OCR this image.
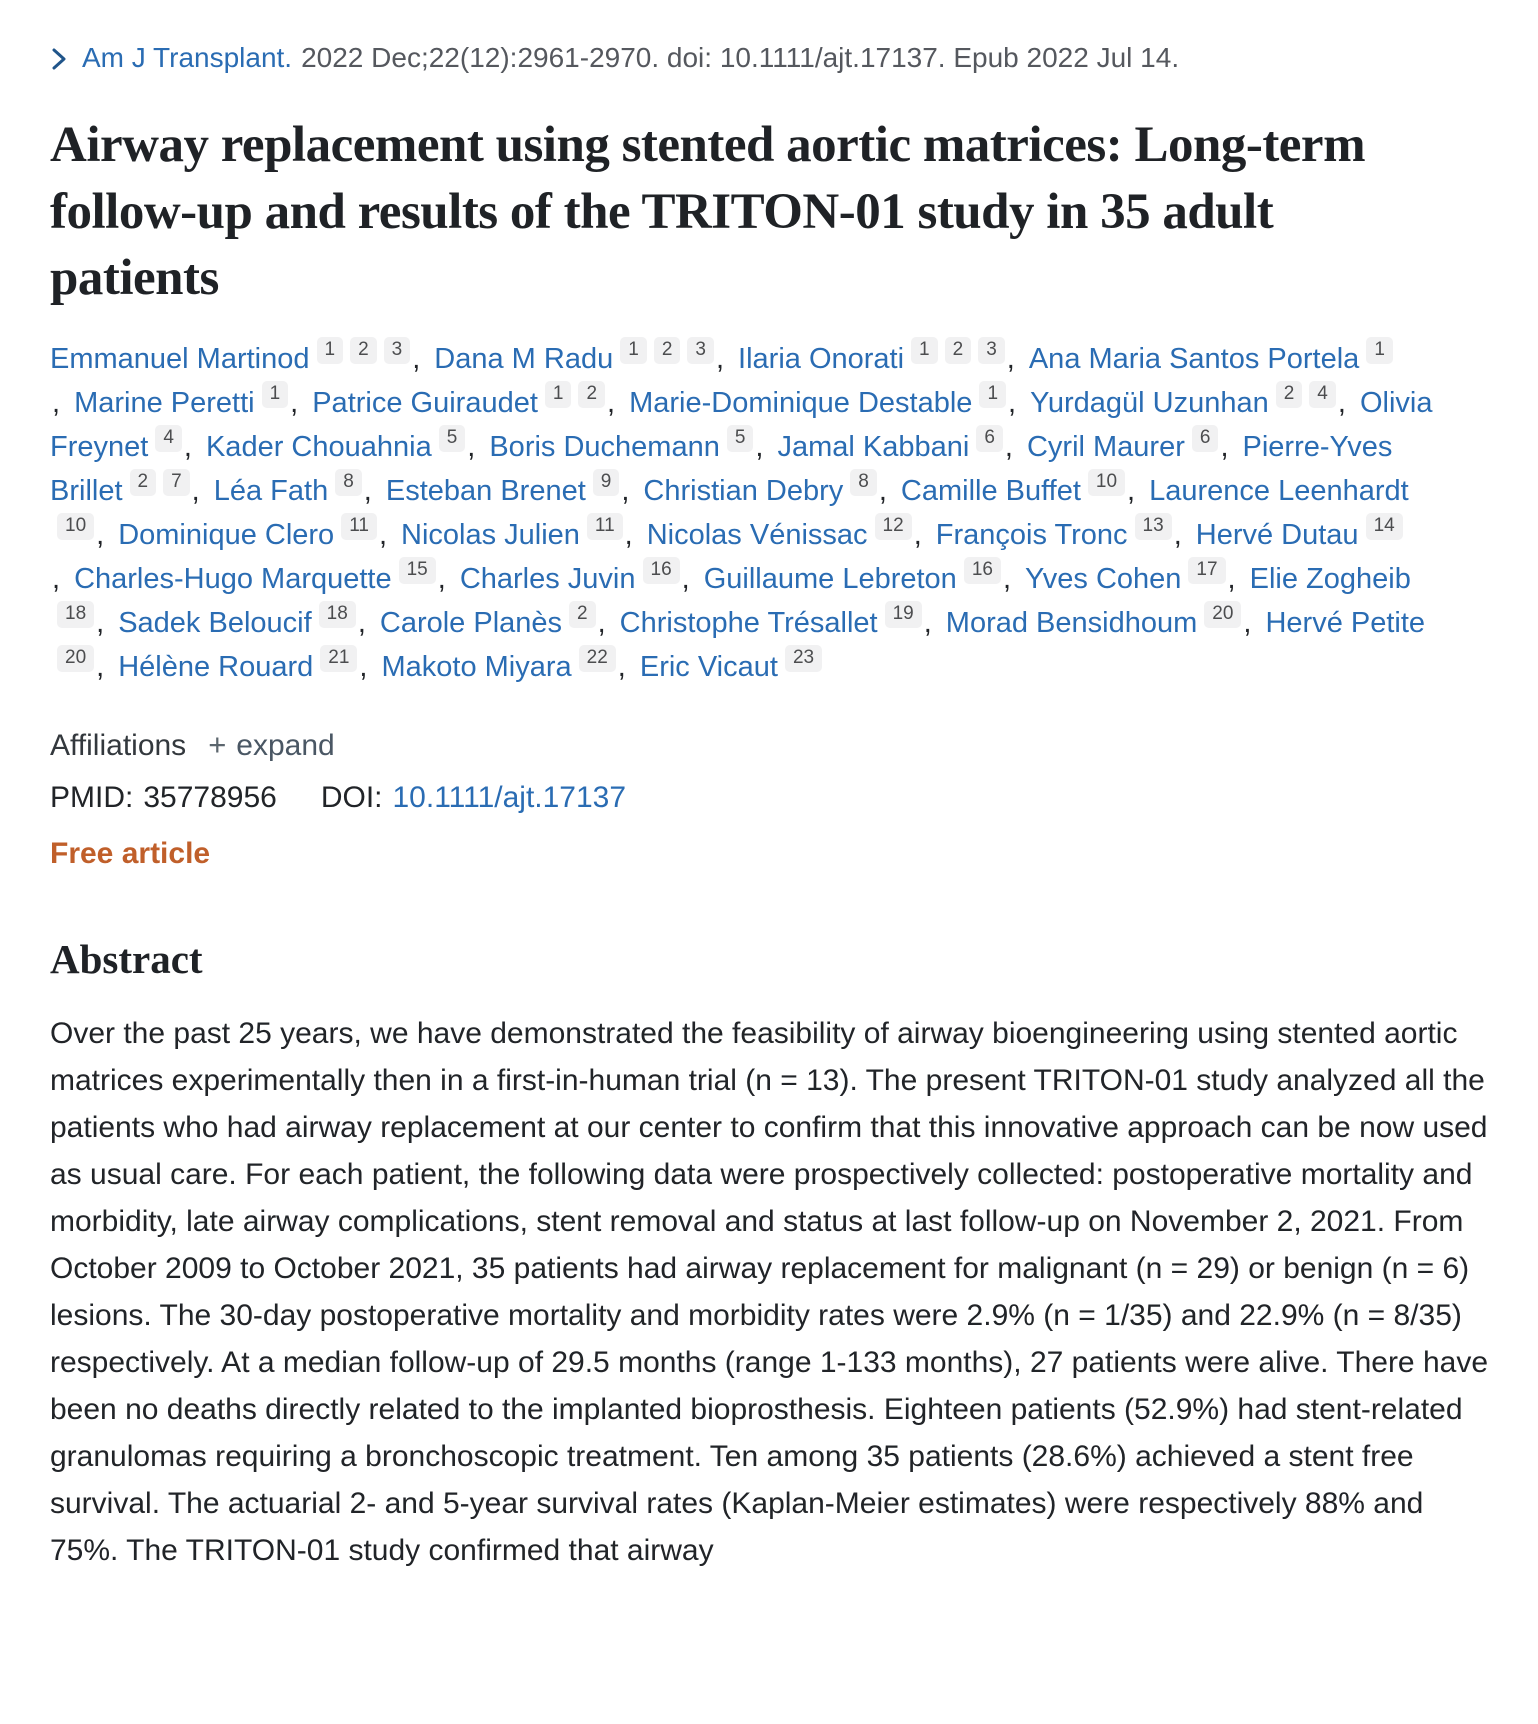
Am J Transplant. 2022 Dec;22(12):2961-2970. doi: 10.1111/ajt.17137. Epub 2022 Jul 14.
Airway replacement using stented aortic matrices: Long-term follow-up and results of the TRITON-01 study in 35 adult patients
Emmanuel Martinod 1 2 3 , Dana M Radu 1 2 3 , Ilaria Onorati 1 2 3 , Ana Maria Santos Portela 1, Marine Peretti 1 , Patrice Guiraudet 1 2 , Marie-Dominique Destable 1 , Yurdagül Uzunhan 2 4 , Olivia Freynet 4 , Kader Chouahnia 5 , Boris Duchemann 5 , Jamal Kabbani 6 , Cyril Maurer 6 , Pierre-Yves Brillet 2 7 , Léa Fath 8 , Esteban Brenet 9 , Christian Debry 8 , Camille Buffet 10 , Laurence Leenhardt10 , Dominique Clero 11 , Nicolas Julien 11 , Nicolas Vénissac 12 , François Tronc 13 , Hervé Dutau 14, Charles-Hugo Marquette 15 , Charles Juvin 16 , Guillaume Lebreton 16 , Yves Cohen 17 , Elie Zogheib18 , Sadek Beloucif 18 , Carole Planès 2 , Christophe Trésallet 19 , Morad Bensidhoum 20 , Hervé Petite20 , Hélène Rouard 21 , Makoto Miyara 22 , Eric Vicaut 23
Affiliations + expand
PMID: 35778956 DOI: 10.1111/ajt.17137
Free article
Abstract

Over the past 25 years, we have demonstrated the feasibility of airway bioengineering using stented aortic matrices experimentally then in a first-in-human trial (n = 13). The present TRITON-01 study analyzed all the patients who had airway replacement at our center to confirm that this innovative approach can be now used as usual care. For each patient, the following data were prospectively collected: postoperative mortality and morbidity, late airway complications, stent removal and status at last follow-up on November 2, 2021. From October 2009 to October 2021, 35 patients had airway replacement for malignant (n = 29) or benign (n = 6) lesions. The 30-day postoperative mortality and morbidity rates were 2.9% (n = 1/35) and 22.9% (n = 8/35) respectively. At a median follow-up of 29.5 months (range 1-133 months), 27 patients were alive. There have been no deaths directly related to the implanted bioprosthesis. Eighteen patients (52.9%) had stent-related granulomas requiring a bronchoscopic treatment. Ten among 35 patients (28.6%) achieved a stent free survival. The actuarial 2- and 5-year survival rates (Kaplan-Meier estimates) were respectively 88% and 75%. The TRITON-01 study confirmed that airway
